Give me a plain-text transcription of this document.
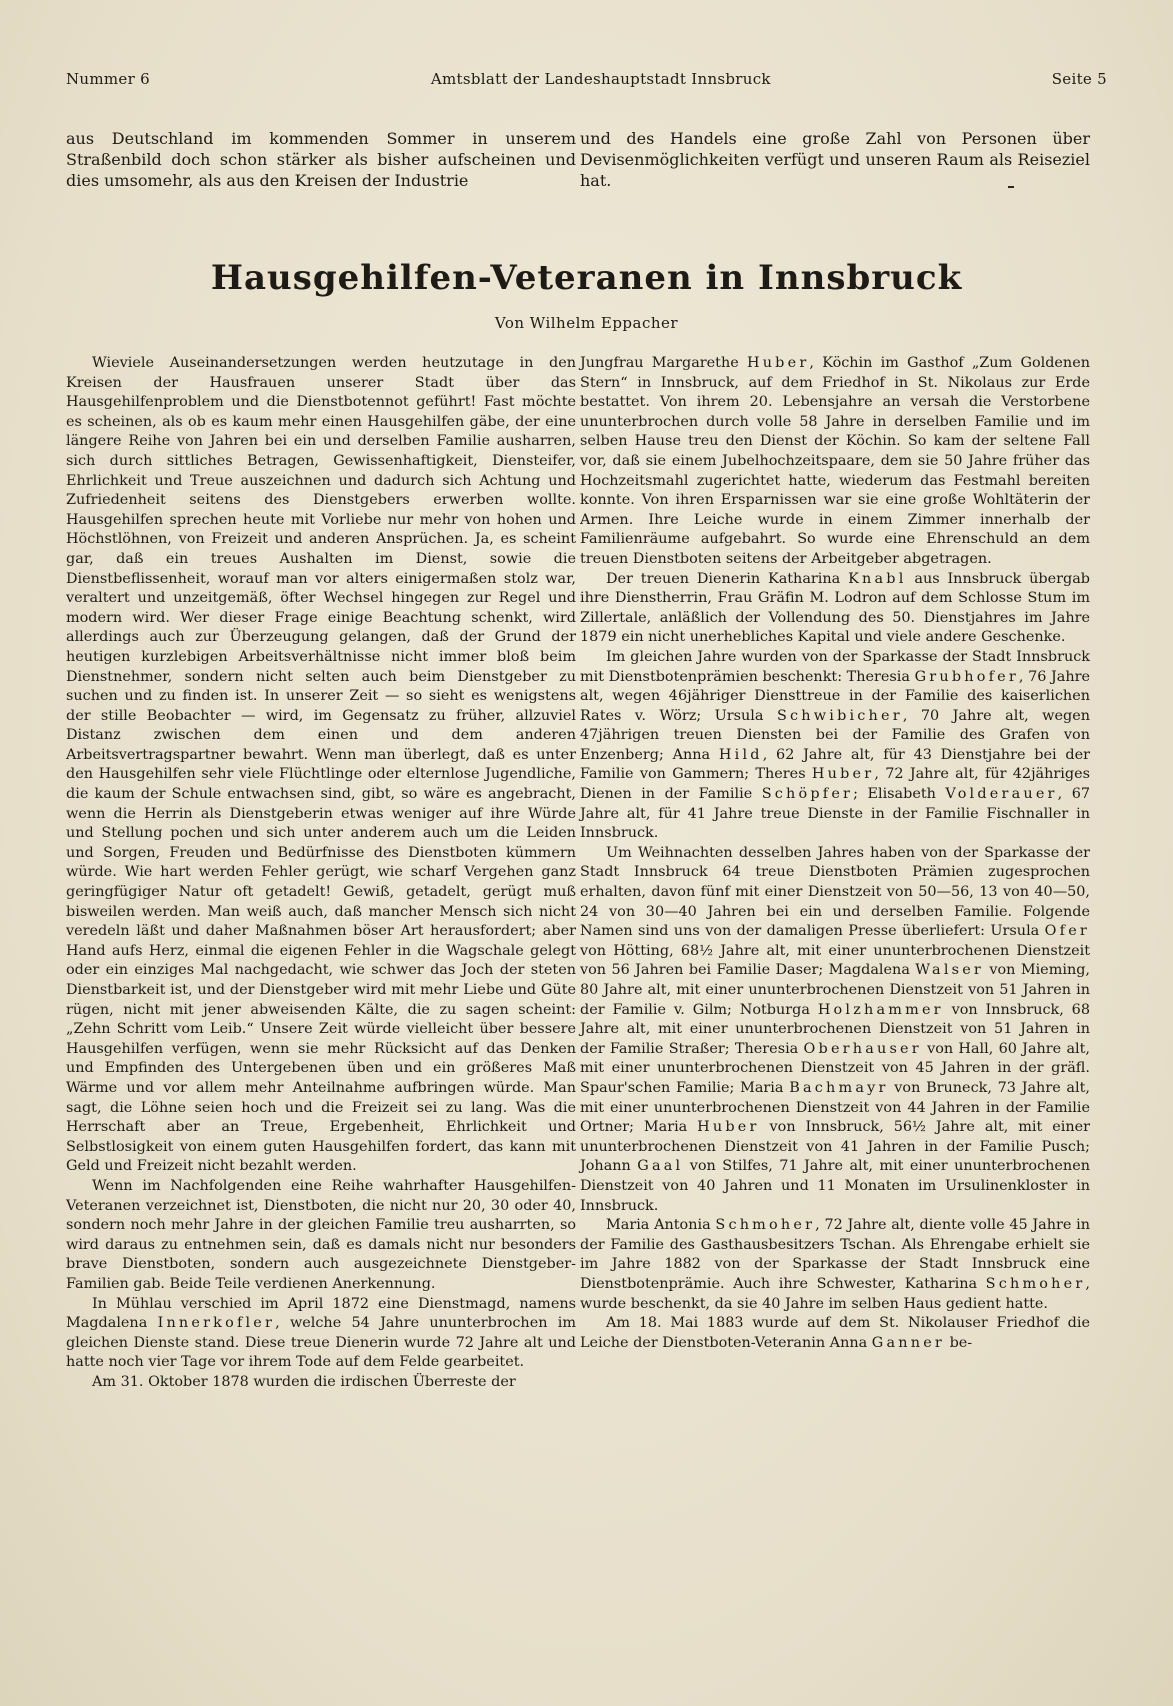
Nummer 6	Amtsblatt der Landeshauptstadt Innsbruck	Seite 5

aus Deutschland im kommenden Sommer in unserem Straßenbild doch schon stärker als bisher aufscheinen und dies umsomehr, als aus den Kreisen der Industrie

und des Handels eine große Zahl von Personen über Devisenmöglichkeiten verfügt und unseren Raum als Reiseziel hat.

Hausgehilfen-Veteranen in Innsbruck
Von Wilhelm Eppacher

Wieviele Auseinandersetzungen werden heutzutage in den Kreisen der Hausfrauen unserer Stadt über das Hausgehilfenproblem und die Dienstbotennot geführt! Fast möchte es scheinen, als ob es kaum mehr einen Hausgehilfen gäbe, der eine längere Reihe von Jahren bei ein und derselben Familie ausharren, sich durch sittliches Betragen, Gewissenhaftigkeit, Diensteifer, Ehrlichkeit und Treue auszeichnen und dadurch sich Achtung und Zufriedenheit seitens des Dienstgebers erwerben wollte. Hausgehilfen sprechen heute mit Vorliebe nur mehr von hohen und Höchstlöhnen, von Freizeit und anderen Ansprüchen. Ja, es scheint gar, daß ein treues Aushalten im Dienst, sowie die Dienstbeflissenheit, worauf man vor alters einigermaßen stolz war, veraltert und unzeitgemäß, öfter Wechsel hingegen zur Regel und modern wird. Wer dieser Frage einige Beachtung schenkt, wird allerdings auch zur Überzeugung gelangen, daß der Grund der heutigen kurzlebigen Arbeitsverhältnisse nicht immer bloß beim Dienstnehmer, sondern nicht selten auch beim Dienstgeber zu suchen und zu finden ist. In unserer Zeit — so sieht es wenigstens der stille Beobachter — wird, im Gegensatz zu früher, allzuviel Distanz zwischen dem einen und dem anderen Arbeitsvertragspartner bewahrt. Wenn man überlegt, daß es unter den Hausgehilfen sehr viele Flüchtlinge oder elternlose Jugendliche, die kaum der Schule entwachsen sind, gibt, so wäre es angebracht, wenn die Herrin als Dienstgeberin etwas weniger auf ihre Würde und Stellung pochen und sich unter anderem auch um die Leiden und Sorgen, Freuden und Bedürfnisse des Dienstboten kümmern würde. Wie hart werden Fehler gerügt, wie scharf Vergehen ganz geringfügiger Natur oft getadelt! Gewiß, getadelt, gerügt muß bisweilen werden. Man weiß auch, daß mancher Mensch sich nicht veredeln läßt und daher Maßnahmen böser Art herausfordert; aber Hand aufs Herz, einmal die eigenen Fehler in die Wagschale gelegt oder ein einziges Mal nachgedacht, wie schwer das Joch der steten Dienstbarkeit ist, und der Dienstgeber wird mit mehr Liebe und Güte rügen, nicht mit jener abweisenden Kälte, die zu sagen scheint: „Zehn Schritt vom Leib.“ Unsere Zeit würde vielleicht über bessere Hausgehilfen verfügen, wenn sie mehr Rücksicht auf das Denken und Empfinden des Untergebenen üben und ein größeres Maß Wärme und vor allem mehr Anteilnahme aufbringen würde. Man sagt, die Löhne seien hoch und die Freizeit sei zu lang. Was die Herrschaft aber an Treue, Ergebenheit, Ehrlichkeit und Selbstlosigkeit von einem guten Hausgehilfen fordert, das kann mit Geld und Freizeit nicht bezahlt werden.

Wenn im Nachfolgenden eine Reihe wahrhafter Hausgehilfen-Veteranen verzeichnet ist, Dienstboten, die nicht nur 20, 30 oder 40, sondern noch mehr Jahre in der gleichen Familie treu ausharrten, so wird daraus zu entnehmen sein, daß es damals nicht nur besonders brave Dienstboten, sondern auch ausgezeichnete Dienstgeber-Familien gab. Beide Teile verdienen Anerkennung.

In Mühlau verschied im April 1872 eine Dienstmagd, namens Magdalena Innerkofler, welche 54 Jahre ununterbrochen im gleichen Dienste stand. Diese treue Dienerin wurde 72 Jahre alt und hatte noch vier Tage vor ihrem Tode auf dem Felde gearbeitet.

Am 31. Oktober 1878 wurden die irdischen Überreste der

Jungfrau Margarethe Huber, Köchin im Gasthof „Zum Goldenen Stern“ in Innsbruck, auf dem Friedhof in St. Nikolaus zur Erde bestattet. Von ihrem 20. Lebensjahre an versah die Verstorbene ununterbrochen durch volle 58 Jahre in derselben Familie und im selben Hause treu den Dienst der Köchin. So kam der seltene Fall vor, daß sie einem Jubelhochzeitspaare, dem sie 50 Jahre früher das Hochzeitsmahl zugerichtet hatte, wiederum das Festmahl bereiten konnte. Von ihren Ersparnissen war sie eine große Wohltäterin der Armen. Ihre Leiche wurde in einem Zimmer innerhalb der Familienräume aufgebahrt. So wurde eine Ehrenschuld an dem treuen Dienstboten seitens der Arbeitgeber abgetragen.

Der treuen Dienerin Katharina Knabl aus Innsbruck übergab ihre Dienstherrin, Frau Gräfin M. Lodron auf dem Schlosse Stum im Zillertale, anläßlich der Vollendung des 50. Dienstjahres im Jahre 1879 ein nicht unerhebliches Kapital und viele andere Geschenke.

Im gleichen Jahre wurden von der Sparkasse der Stadt Innsbruck mit Dienstbotenprämien beschenkt: Theresia Grubhofer, 76 Jahre alt, wegen 46jähriger Diensttreue in der Familie des kaiserlichen Rates v. Wörz; Ursula Schwibicher, 70 Jahre alt, wegen 47jährigen treuen Diensten bei der Familie des Grafen von Enzenberg; Anna Hild, 62 Jahre alt, für 43 Dienstjahre bei der Familie von Gammern; Theres Huber, 72 Jahre alt, für 42jähriges Dienen in der Familie Schöpfer; Elisabeth Volderauer, 67 Jahre alt, für 41 Jahre treue Dienste in der Familie Fischnaller in Innsbruck.

Um Weihnachten desselben Jahres haben von der Sparkasse der Stadt Innsbruck 64 treue Dienstboten Prämien zugesprochen erhalten, davon fünf mit einer Dienstzeit von 50—56, 13 von 40—50, 24 von 30—40 Jahren bei ein und derselben Familie. Folgende Namen sind uns von der damaligen Presse überliefert: Ursula Ofer von Hötting, 68½ Jahre alt, mit einer ununterbrochenen Dienstzeit von 56 Jahren bei Familie Daser; Magdalena Walser von Mieming, 80 Jahre alt, mit einer ununterbrochenen Dienstzeit von 51 Jahren in der Familie v. Gilm; Notburga Holzhammer von Innsbruck, 68 Jahre alt, mit einer ununterbrochenen Dienstzeit von 51 Jahren in der Familie Straßer; Theresia Oberhauser von Hall, 60 Jahre alt, mit einer ununterbrochenen Dienstzeit von 45 Jahren in der gräfl. Spaur'schen Familie; Maria Bachmayr von Bruneck, 73 Jahre alt, mit einer ununterbrochenen Dienstzeit von 44 Jahren in der Familie Ortner; Maria Huber von Innsbruck, 56½ Jahre alt, mit einer ununterbrochenen Dienstzeit von 41 Jahren in der Familie Pusch; Johann Gaal von Stilfes, 71 Jahre alt, mit einer ununterbrochenen Dienstzeit von 40 Jahren und 11 Monaten im Ursulinenkloster in Innsbruck.

Maria Antonia Schmoher, 72 Jahre alt, diente volle 45 Jahre in der Familie des Gasthausbesitzers Tschan. Als Ehrengabe erhielt sie im Jahre 1882 von der Sparkasse der Stadt Innsbruck eine Dienstbotenprämie. Auch ihre Schwester, Katharina Schmoher, wurde beschenkt, da sie 40 Jahre im selben Haus gedient hatte.

Am 18. Mai 1883 wurde auf dem St. Nikolauser Friedhof die Leiche der Dienstboten-Veteranin Anna Ganner be-
